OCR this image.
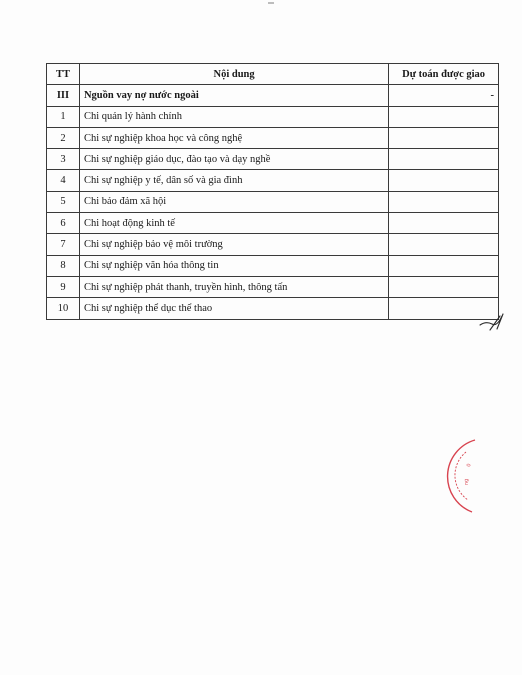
TT	Nội dung	Dự toán được giao
III	Nguồn vay nợ nước ngoài	-
1	Chi quản lý hành chính	
2	Chi sự nghiệp khoa học và công nghệ	
3	Chi sự nghiệp giáo dục, đào tạo và dạy nghề	
4	Chi sự nghiệp y tế, dân số và gia đình	
5	Chi bảo đảm xã hội	
6	Chi hoạt động kinh tế	
7	Chi sự nghiệp bảo vệ môi trường	
8	Chi sự nghiệp văn hóa thông tin	
9	Chi sự nghiệp phát thanh, truyền hình, thông tấn	
10	Chi sự nghiệp thể dục thể thao	
0
ng
